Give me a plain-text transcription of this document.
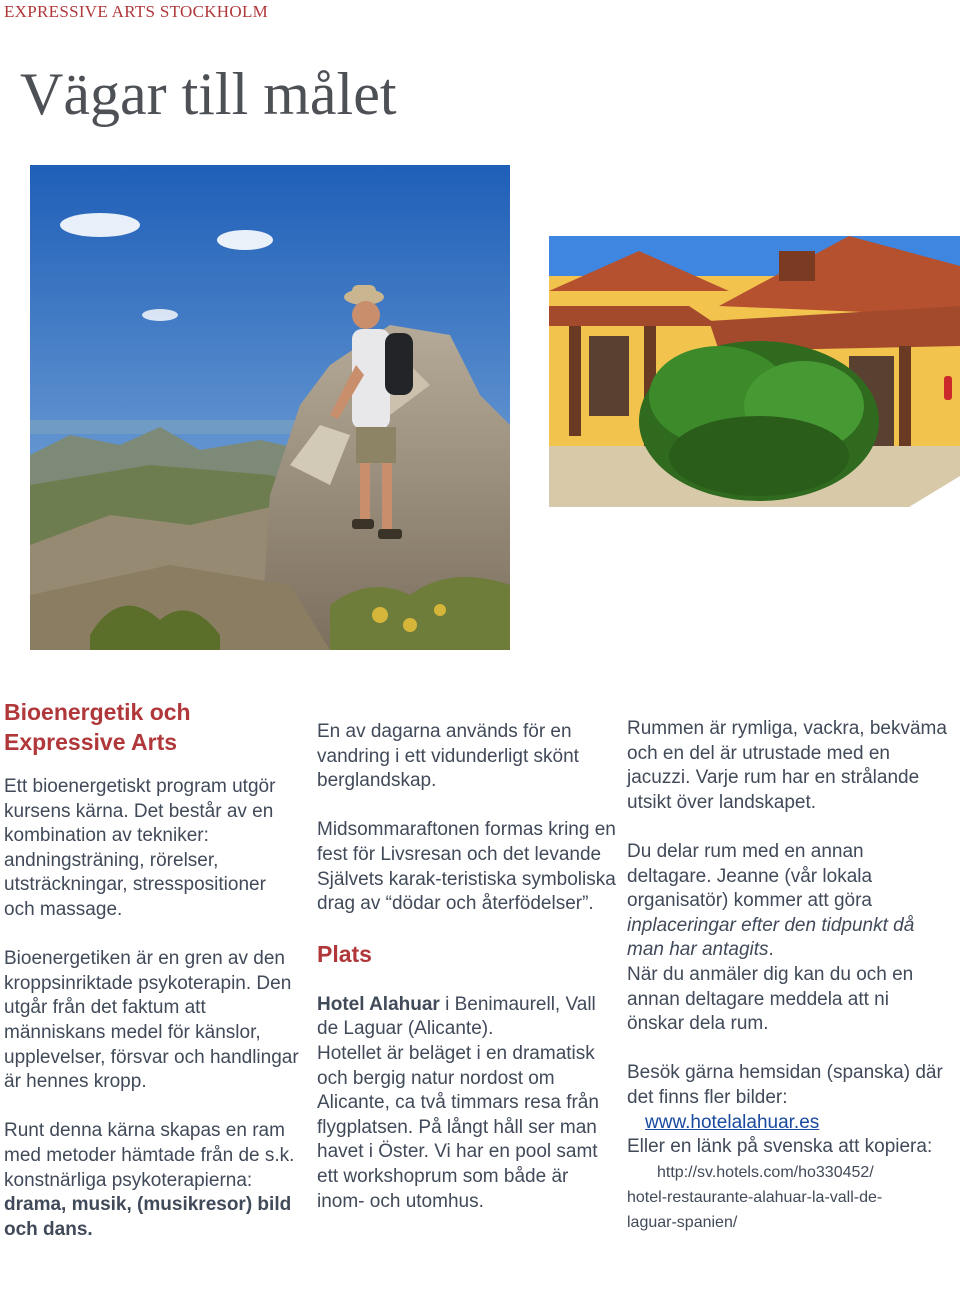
EXPRESSIVE ARTS STOCKHOLM

Vägar till målet
Bioenergetik och Expressive Arts

Ett bioenergetiskt program utgör kursens kärna. Det består av en kombination av tekniker: andningsträning, rörelser, utsträckningar, stresspositioner och massage.

Bioenergetiken är en gren av den kroppsinriktade psykoterapin. Den utgår från det faktum att människans medel för känslor, upplevelser, försvar och handlingar är hennes kropp.

Runt denna kärna skapas en ram med metoder hämtade från de s.k. konstnärliga psykoterapierna:

drama, musik, (musikresor) bild och dans.

En av dagarna används för en vandring i ett vidunderligt skönt berglandskap.

Midsommaraftonen formas kring en fest för Livsresan och det levande Självets karak-teristiska symboliska drag av “dödar och återfödelser”.

Plats

Hotel Alahuar i Benimaurell, Vall de Laguar (Alicante).

Hotellet är beläget i en dramatisk och bergig natur nordost om Alicante, ca två timmars resa från flygplatsen. På långt håll ser man havet i Öster. Vi har en pool samt ett workshoprum som både är inom- och utomhus.

Rummen är rymliga, vackra, bekväma och en del är utrustade med en jacuzzi. Varje rum har en strålande utsikt över landskapet.

Du delar rum med en annan deltagare. Jeanne (vår lokala organisatör) kommer att göra inplaceringar efter den tidpunkt då man har antagits.

När du anmäler dig kan du och en annan deltagare meddela att ni önskar dela rum.

Besök gärna hemsidan (spanska) där det finns fler bilder:

www.hotelalahuar.es

Eller en länk på svenska att kopiera:

http://sv.hotels.com/ho330452/

hotel-restaurante-alahuar-la-vall-de-

laguar-spanien/
